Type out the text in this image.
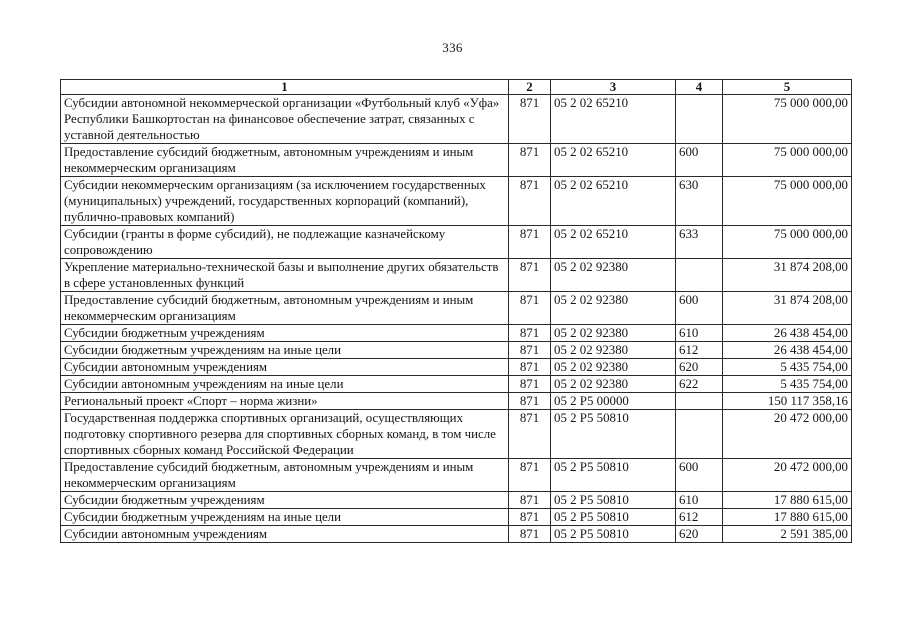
336
1	2	3	4	5
Субсидии автономной некоммерческой организации «Футбольный клуб «Уфа» Республики Башкортостан на финансовое обеспечение затрат, связанных с уставной деятельностью	871	05 2 02 65210		75 000 000,00
Предоставление субсидий бюджетным, автономным учреждениям и иным некоммерческим организациям	871	05 2 02 65210	600	75 000 000,00
Субсидии некоммерческим организациям (за исключением государственных (муниципальных) учреждений, государственных корпораций (компаний), публично-правовых компаний)	871	05 2 02 65210	630	75 000 000,00
Субсидии (гранты в форме субсидий), не подлежащие казначейскому сопровождению	871	05 2 02 65210	633	75 000 000,00
Укрепление материально-технической базы и выполнение других обязательств в сфере установленных функций	871	05 2 02 92380		31 874 208,00
Предоставление субсидий бюджетным, автономным учреждениям и иным некоммерческим организациям	871	05 2 02 92380	600	31 874 208,00
Субсидии бюджетным учреждениям	871	05 2 02 92380	610	26 438 454,00
Субсидии бюджетным учреждениям на иные цели	871	05 2 02 92380	612	26 438 454,00
Субсидии автономным учреждениям	871	05 2 02 92380	620	5 435 754,00
Субсидии автономным учреждениям на иные цели	871	05 2 02 92380	622	5 435 754,00
Региональный проект «Спорт – норма жизни»	871	05 2 P5 00000		150 117 358,16
Государственная поддержка спортивных организаций, осуществляющих подготовку спортивного резерва для спортивных сборных команд, в том числе спортивных сборных команд Российской Федерации	871	05 2 P5 50810		20 472 000,00
Предоставление субсидий бюджетным, автономным учреждениям и иным некоммерческим организациям	871	05 2 P5 50810	600	20 472 000,00
Субсидии бюджетным учреждениям	871	05 2 P5 50810	610	17 880 615,00
Субсидии бюджетным учреждениям на иные цели	871	05 2 P5 50810	612	17 880 615,00
Субсидии автономным учреждениям	871	05 2 P5 50810	620	2 591 385,00
